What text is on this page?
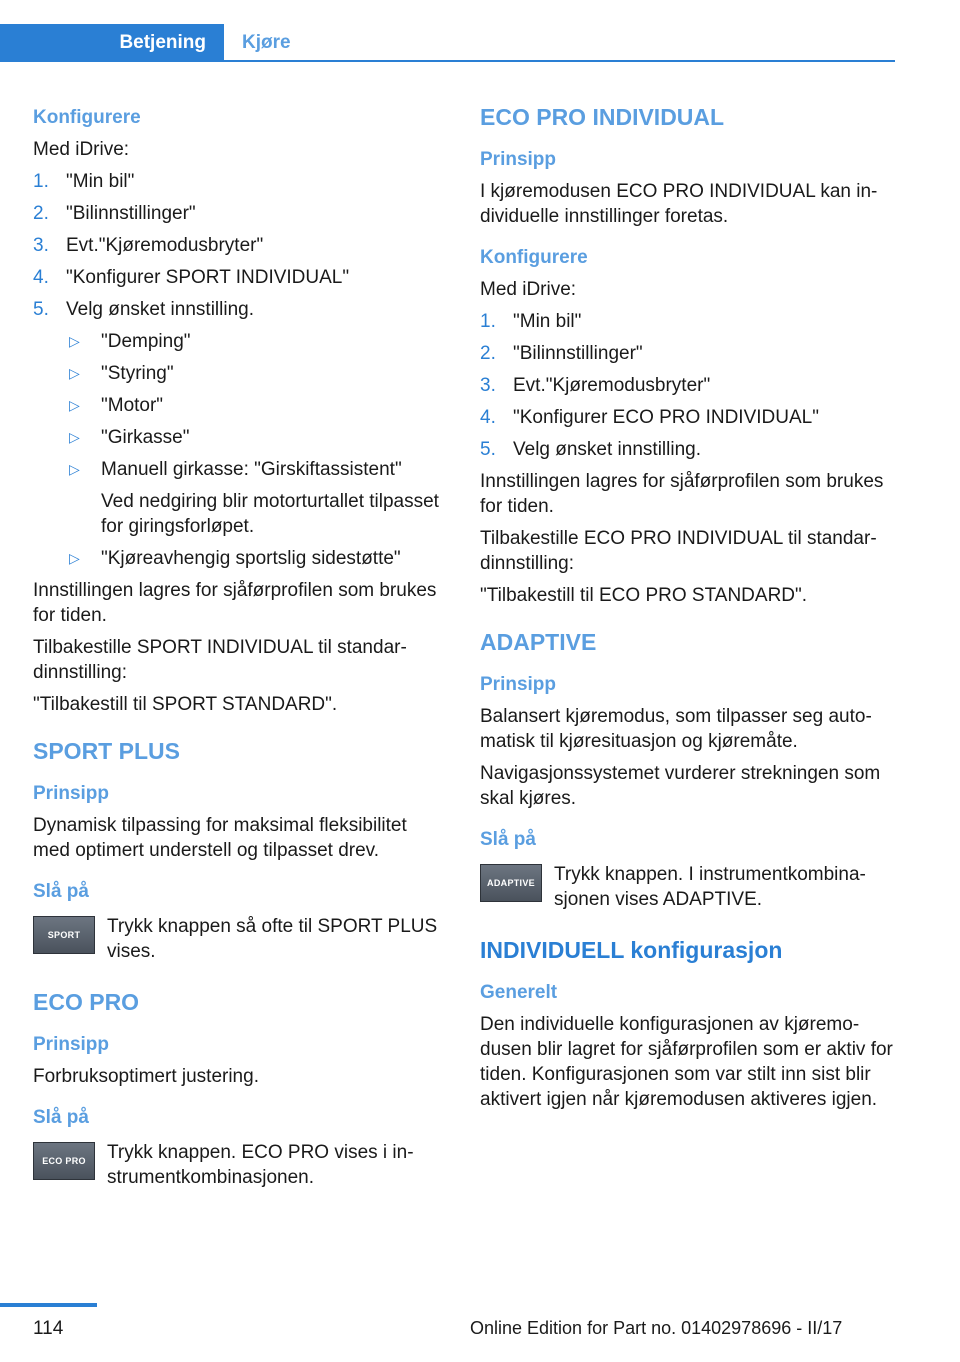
Betjening	Kjøre
Konfigurere

Med iDrive:

1. "Min bil"
2. "Bilinnstillinger"
3. Evt."Kjøremodusbryter"
4. "Konfigurer SPORT INDIVIDUAL"
5. Velg ønsket innstilling.
▷ "Demping"
▷ "Styring"
▷ "Motor"
▷ "Girkasse"
▷ Manuell girkasse: "Girskiftassistent"
Ved nedgiring blir motorturtallet tilpasset for giringsforløpet.
▷ "Kjøreavhengig sportslig sidestøtte"

Innstillingen lagres for sjåførprofilen som brukes for tiden.

Tilbakestille SPORT INDIVIDUAL til standardinnstilling:

"Tilbakestill til SPORT STANDARD".

SPORT PLUS
Prinsipp

Dynamisk tilpassing for maksimal fleksibilitet med optimert understell og tilpasset drev.

Slå på
SPORT	Trykk knappen så ofte til SPORT PLUS vises.

ECO PRO
Prinsipp

Forbruksoptimert justering.

Slå på
ECO PRO	Trykk knappen. ECO PRO vises i instrumentkombinasjonen.

ECO PRO INDIVIDUAL
Prinsipp

I kjøremodusen ECO PRO INDIVIDUAL kan individuelle innstillinger foretas.

Konfigurere

Med iDrive:

1. "Min bil"
2. "Bilinnstillinger"
3. Evt."Kjøremodusbryter"
4. "Konfigurer ECO PRO INDIVIDUAL"
5. Velg ønsket innstilling.

Innstillingen lagres for sjåførprofilen som brukes for tiden.

Tilbakestille ECO PRO INDIVIDUAL til standardinnstilling:

"Tilbakestill til ECO PRO STANDARD".

ADAPTIVE
Prinsipp

Balansert kjøremodus, som tilpasser seg automatisk til kjøresituasjon og kjøremåte.

Navigasjonssystemet vurderer strekningen som skal kjøres.

Slå på
ADAPTIVE	Trykk knappen. I instrumentkombinasjonen vises ADAPTIVE.

INDIVIDUELL konfigurasjon
Generelt

Den individuelle konfigurasjonen av kjøremodusen blir lagret for sjåførprofilen som er aktiv for tiden. Konfigurasjonen som var stilt inn sist blir aktivert igjen når kjøremodusen aktiveres igjen.

114	Online Edition for Part no. 01402978696 - II/17
